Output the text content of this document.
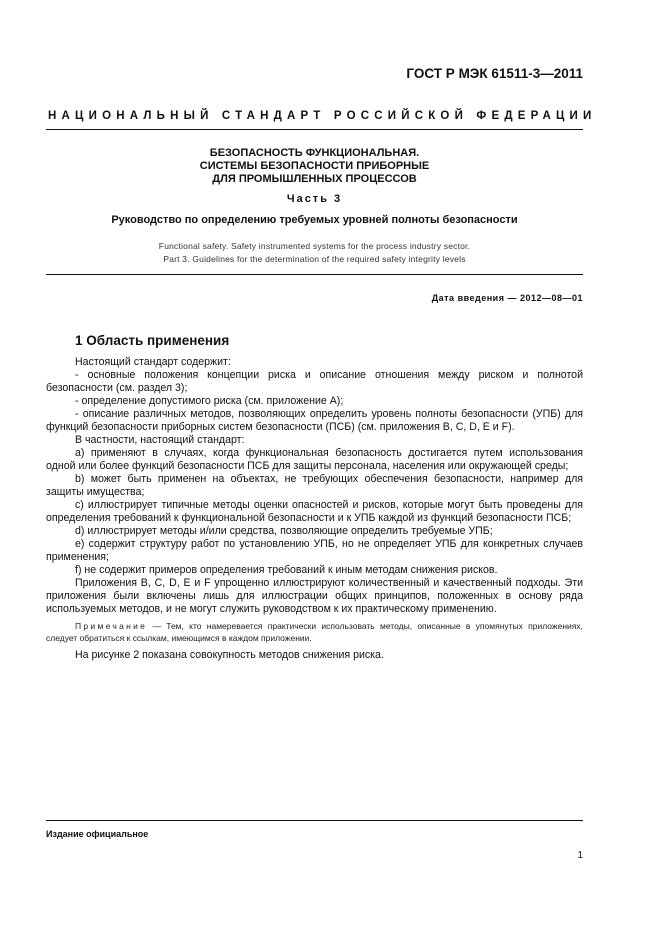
ГОСТ Р МЭК 61511-3—2011
НАЦИОНАЛЬНЫЙ СТАНДАРТ РОССИЙСКОЙ ФЕДЕРАЦИИ
БЕЗОПАСНОСТЬ ФУНКЦИОНАЛЬНАЯ.
СИСТЕМЫ БЕЗОПАСНОСТИ ПРИБОРНЫЕ
ДЛЯ ПРОМЫШЛЕННЫХ ПРОЦЕССОВ
Часть 3
Руководство по определению требуемых уровней полноты безопасности
Functional safety. Safety instrumented systems for the process industry sector.
Part 3. Guidelines for the determination of the required safety integrity levels
Дата введения — 2012—08—01
1 Область применения

Настоящий стандарт содержит:

- основные положения концепции риска и описание отношения между риском и полнотой безопасности (см. раздел 3);

- определение допустимого риска (см. приложение А);

- описание различных методов, позволяющих определить уровень полноты безопасности (УПБ) для функций безопасности приборных систем безопасности (ПСБ) (см. приложения В, С, D, Е и F).

В частности, настоящий стандарт:

a) применяют в случаях, когда функциональная безопасность достигается путем использования одной или более функций безопасности ПСБ для защиты персонала, населения или окружающей среды;

b) может быть применен на объектах, не требующих обеспечения безопасности, например для защиты имущества;

c) иллюстрирует типичные методы оценки опасностей и рисков, которые могут быть проведены для определения требований к функциональной безопасности и к УПБ каждой из функций безопасности ПСБ;

d) иллюстрирует методы и/или средства, позволяющие определить требуемые УПБ;

e) содержит структуру работ по установлению УПБ, но не определяет УПБ для конкретных случаев применения;

f) не содержит примеров определения требований к иным методам снижения рисков.

Приложения В, С, D, Е и F упрощенно иллюстрируют количественный и качественный подходы. Эти приложения были включены лишь для иллюстрации общих принципов, положенных в основу ряда используемых методов, и не могут служить руководством к их практическому применению.

Примечание — Тем, кто намеревается практически использовать методы, описанные в упомянутых приложениях, следует обратиться к ссылкам, имеющимся в каждом приложении.

На рисунке 2 показана совокупность методов снижения риска.

Издание официальное
1
